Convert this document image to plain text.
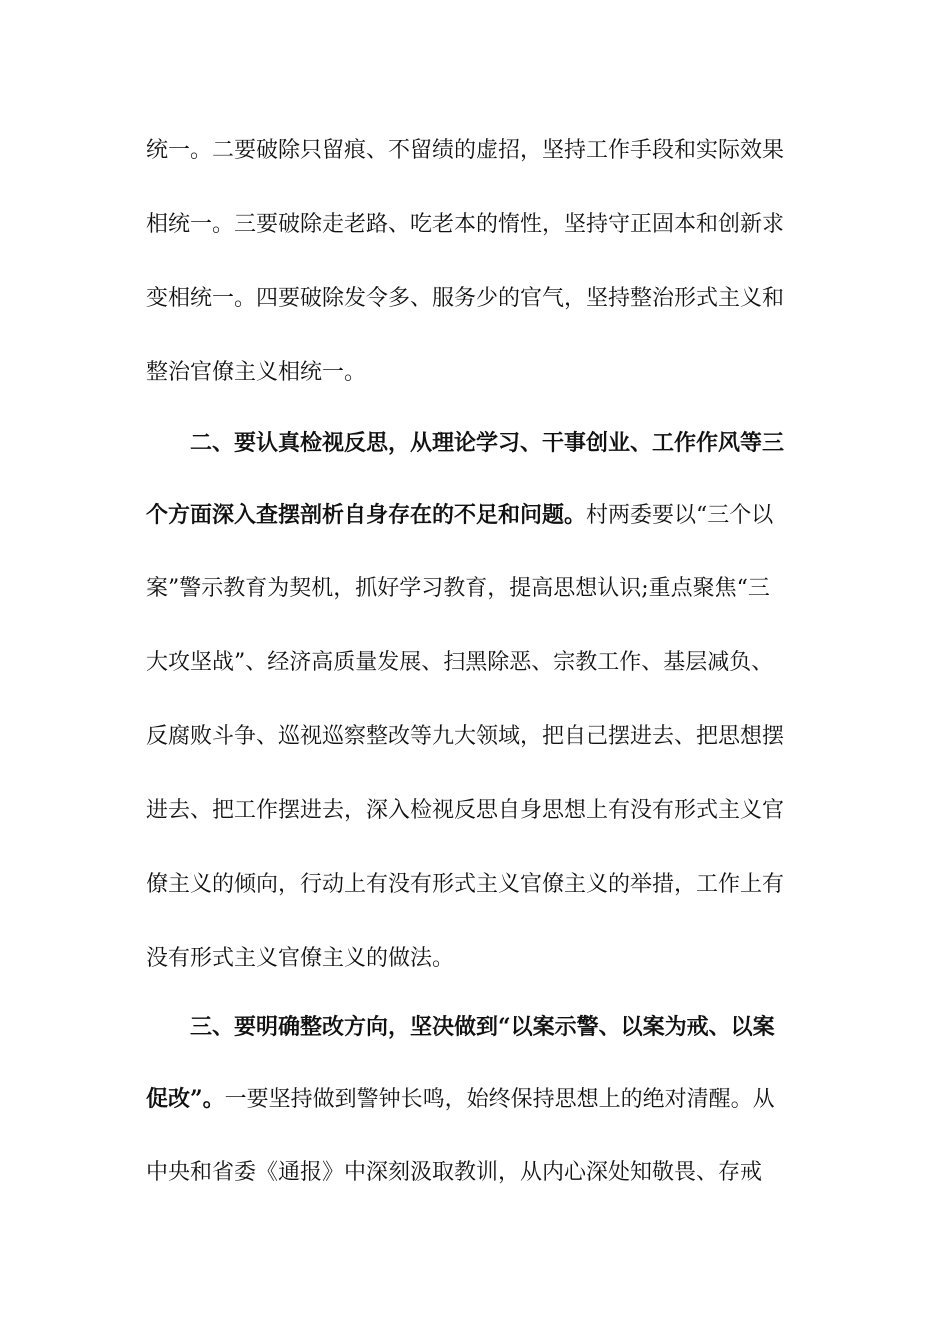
统一。二要破除只留痕、不留绩的虚招，坚持工作手段和实际效果
相统一。三要破除走老路、吃老本的惰性，坚持守正固本和创新求
变相统一。四要破除发令多、服务少的官气，坚持整治形式主义和
整治官僚主义相统一。
二、要认真检视反思，从理论学习、干事创业、工作作风等三
个方面深入查摆剖析自身存在的不足和问题。村两委要以“三个以
案”警示教育为契机，抓好学习教育，提高思想认识;重点聚焦“三
大攻坚战”、经济高质量发展、扫黑除恶、宗教工作、基层减负、
反腐败斗争、巡视巡察整改等九大领域，把自己摆进去、把思想摆
进去、把工作摆进去，深入检视反思自身思想上有没有形式主义官
僚主义的倾向，行动上有没有形式主义官僚主义的举措，工作上有
没有形式主义官僚主义的做法。
三、要明确整改方向，坚决做到“以案示警、以案为戒、以案
促改”。一要坚持做到警钟长鸣，始终保持思想上的绝对清醒。从
中央和省委《通报》中深刻汲取教训，从内心深处知敬畏、存戒
